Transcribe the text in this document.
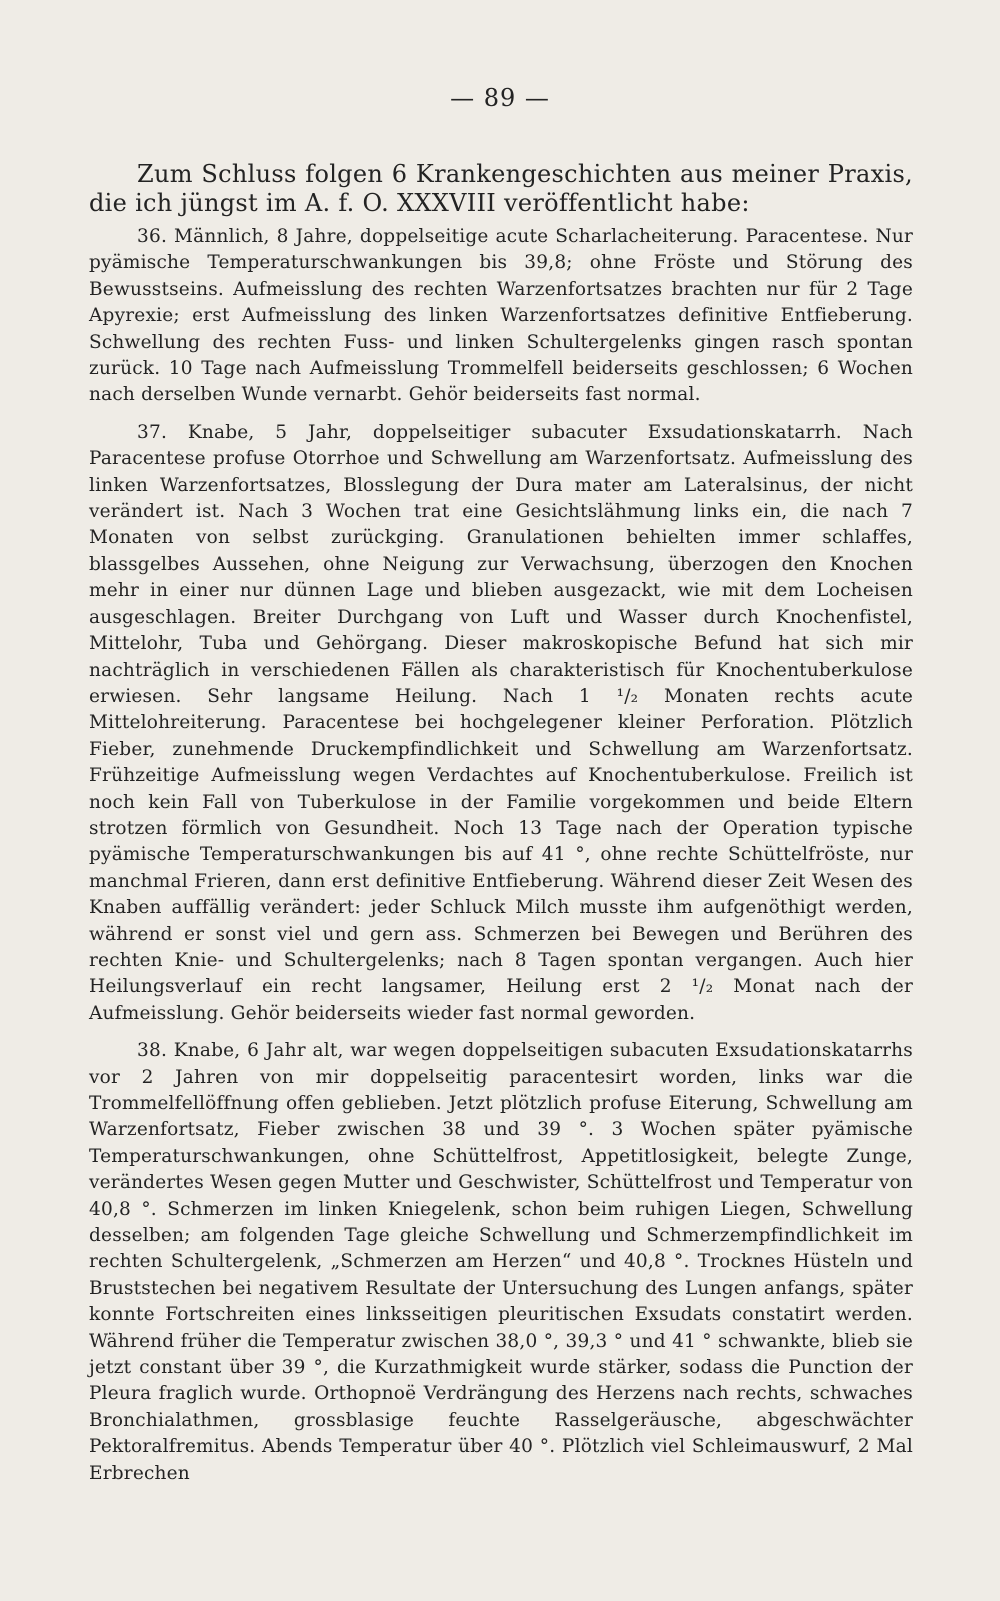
— 89 —

Zum Schluss folgen 6 Krankengeschichten aus meiner Praxis, die ich jüngst im A. f. O. XXXVIII veröffentlicht habe:

36. Männlich, 8 Jahre, doppelseitige acute Scharlacheiterung. Paracentese. Nur pyämische Temperaturschwankungen bis 39,8; ohne Fröste und Störung des Bewusstseins. Aufmeisslung des rechten Warzenfortsatzes brachten nur für 2 Tage Apyrexie; erst Aufmeisslung des linken Warzenfortsatzes definitive Entfieberung. Schwellung des rechten Fuss- und linken Schultergelenks gingen rasch spontan zurück. 10 Tage nach Aufmeisslung Trommelfell beiderseits geschlossen; 6 Wochen nach derselben Wunde vernarbt. Gehör beiderseits fast normal.

37. Knabe, 5 Jahr, doppelseitiger subacuter Exsudationskatarrh. Nach Paracentese profuse Otorrhoe und Schwellung am Warzenfortsatz. Aufmeisslung des linken Warzenfortsatzes, Blosslegung der Dura mater am Lateralsinus, der nicht verändert ist. Nach 3 Wochen trat eine Gesichtslähmung links ein, die nach 7 Monaten von selbst zurückging. Granulationen behielten immer schlaffes, blassgelbes Aussehen, ohne Neigung zur Verwachsung, überzogen den Knochen mehr in einer nur dünnen Lage und blieben ausgezackt, wie mit dem Locheisen ausgeschlagen. Breiter Durchgang von Luft und Wasser durch Knochenfistel, Mittelohr, Tuba und Gehörgang. Dieser makroskopische Befund hat sich mir nachträglich in verschiedenen Fällen als charakteristisch für Knochentuberkulose erwiesen. Sehr langsame Heilung. Nach 1 ¹/₂ Monaten rechts acute Mittelohreiterung. Paracentese bei hochgelegener kleiner Perforation. Plötzlich Fieber, zunehmende Druckempfindlichkeit und Schwellung am Warzenfortsatz. Frühzeitige Aufmeisslung wegen Verdachtes auf Knochentuberkulose. Freilich ist noch kein Fall von Tuberkulose in der Familie vorgekommen und beide Eltern strotzen förmlich von Gesundheit. Noch 13 Tage nach der Operation typische pyämische Temperaturschwankungen bis auf 41 °, ohne rechte Schüttelfröste, nur manchmal Frieren, dann erst definitive Entfieberung. Während dieser Zeit Wesen des Knaben auffällig verändert: jeder Schluck Milch musste ihm aufgenöthigt werden, während er sonst viel und gern ass. Schmerzen bei Bewegen und Berühren des rechten Knie- und Schultergelenks; nach 8 Tagen spontan vergangen. Auch hier Heilungsverlauf ein recht langsamer, Heilung erst 2 ¹/₂ Monat nach der Aufmeisslung. Gehör beiderseits wieder fast normal geworden.

38. Knabe, 6 Jahr alt, war wegen doppelseitigen subacuten Exsudationskatarrhs vor 2 Jahren von mir doppelseitig paracentesirt worden, links war die Trommelfellöffnung offen geblieben. Jetzt plötzlich profuse Eiterung, Schwellung am Warzenfortsatz, Fieber zwischen 38 und 39 °. 3 Wochen später pyämische Temperaturschwankungen, ohne Schüttelfrost, Appetitlosigkeit, belegte Zunge, verändertes Wesen gegen Mutter und Geschwister, Schüttelfrost und Temperatur von 40,8 °. Schmerzen im linken Kniegelenk, schon beim ruhigen Liegen, Schwellung desselben; am folgenden Tage gleiche Schwellung und Schmerzempfindlichkeit im rechten Schultergelenk, „Schmerzen am Herzen“ und 40,8 °. Trocknes Hüsteln und Bruststechen bei negativem Resultate der Untersuchung des Lungen anfangs, später konnte Fortschreiten eines linksseitigen pleuritischen Exsudats constatirt werden. Während früher die Temperatur zwischen 38,0 °, 39,3 ° und 41 ° schwankte, blieb sie jetzt constant über 39 °, die Kurzathmigkeit wurde stärker, sodass die Punction der Pleura fraglich wurde. Orthopnoë Verdrängung des Herzens nach rechts, schwaches Bronchialathmen, grossblasige feuchte Rasselgeräusche, abgeschwächter Pektoralfremitus. Abends Temperatur über 40 °. Plötzlich viel Schleimauswurf, 2 Mal Erbrechen
